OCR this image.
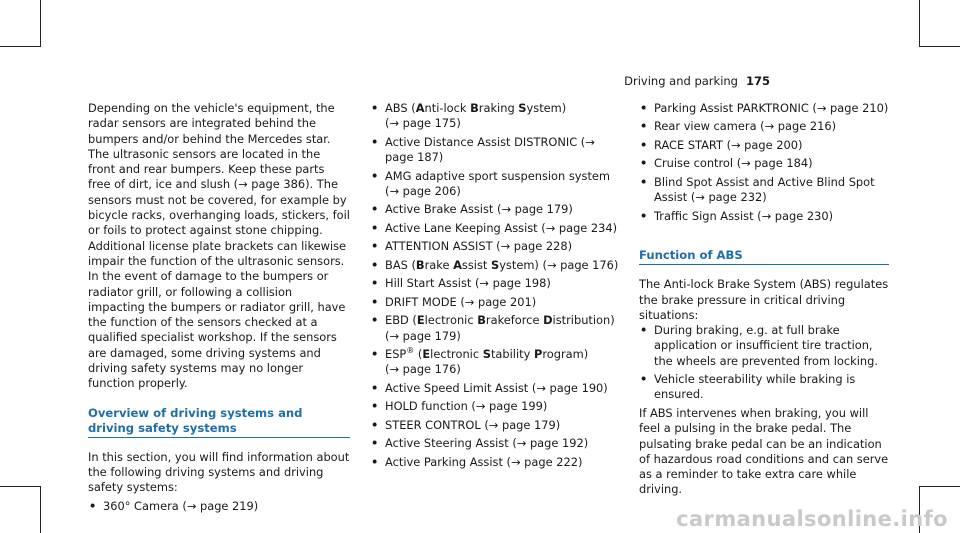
Driving and parking 175

Depending on the vehicle's equipment, the radar sensors are integrated behind the bumpers and/or behind the Mercedes star. The ultrasonic sensors are located in the front and rear bumpers. Keep these parts free of dirt, ice and slush (→ page 386). The sensors must not be covered, for example by bicycle racks, overhanging loads, stickers, foil or foils to protect against stone chipping. Additional license plate brackets can likewise impair the function of the ultrasonic sensors. In the event of damage to the bumpers or radiator grill, or following a collision impacting the bumpers or radiator grill, have the function of the sensors checked at a qualified specialist workshop. If the sensors are damaged, some driving systems and driving safety systems may no longer function properly.

Overview of driving systems and driving safety systems

In this section, you will find information about the following driving systems and driving safety systems:

• 360° Camera (→ page 219)
• ABS (Anti-lock Braking System)
(→ page 175)
• Active Distance Assist DISTRONIC (→ page 187)
• AMG adaptive sport suspension system (→ page 206)
• Active Brake Assist (→ page 179)
• Active Lane Keeping Assist (→ page 234)
• ATTENTION ASSIST (→ page 228)
• BAS (Brake Assist System) (→ page 176)
• Hill Start Assist (→ page 198)
• DRIFT MODE (→ page 201)
• EBD (Electronic Brakeforce Distribution)
(→ page 179)
• ESP® (Electronic Stability Program)
(→ page 176)
• Active Speed Limit Assist (→ page 190)
• HOLD function (→ page 199)
• STEER CONTROL (→ page 179)
• Active Steering Assist (→ page 192)
• Active Parking Assist (→ page 222)
• Parking Assist PARKTRONIC (→ page 210)
• Rear view camera (→ page 216)
• RACE START (→ page 200)
• Cruise control (→ page 184)
• Blind Spot Assist and Active Blind Spot Assist (→ page 232)
• Traffic Sign Assist (→ page 230)
Function of ABS

The Anti-lock Brake System (ABS) regulates the brake pressure in critical driving situations:

• During braking, e.g. at full brake application or insufficient tire traction, the wheels are prevented from locking.
• Vehicle steerability while braking is ensured.

If ABS intervenes when braking, you will feel a pulsing in the brake pedal. The pulsating brake pedal can be an indication of hazardous road conditions and can serve as a reminder to take extra care while driving.

carmanualsonline.info
